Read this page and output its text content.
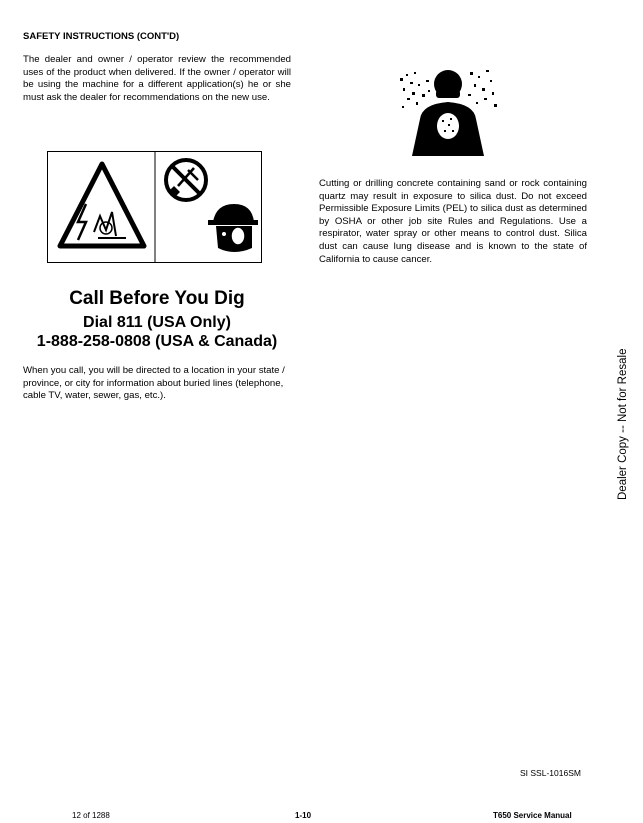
SAFETY INSTRUCTIONS (CONT'D)
The dealer and owner / operator review the recommended uses of the product when delivered. If the owner / operator will be using the machine for a different application(s) he or she must ask the dealer for recommendations on the new use.
Cutting or drilling concrete containing sand or rock containing quartz may result in exposure to silica dust. Do not exceed Permissible Exposure Limits (PEL) to silica dust as determined by OSHA or other job site Rules and Regulations. Use a respirator, water spray or other means to control dust. Silica dust can cause lung disease and is known to the state of California to cause cancer.
Call Before You Dig
Dial 811 (USA Only)
1-888-258-0808 (USA & Canada)
When you call, you will be directed to a location in your state / province, or city for information about buried lines (telephone, cable TV, water, sewer, gas, etc.).	Dealer Copy -- Not for Resale
SI SSL-1016SM
12 of 1288	1-10	T650 Service Manual
